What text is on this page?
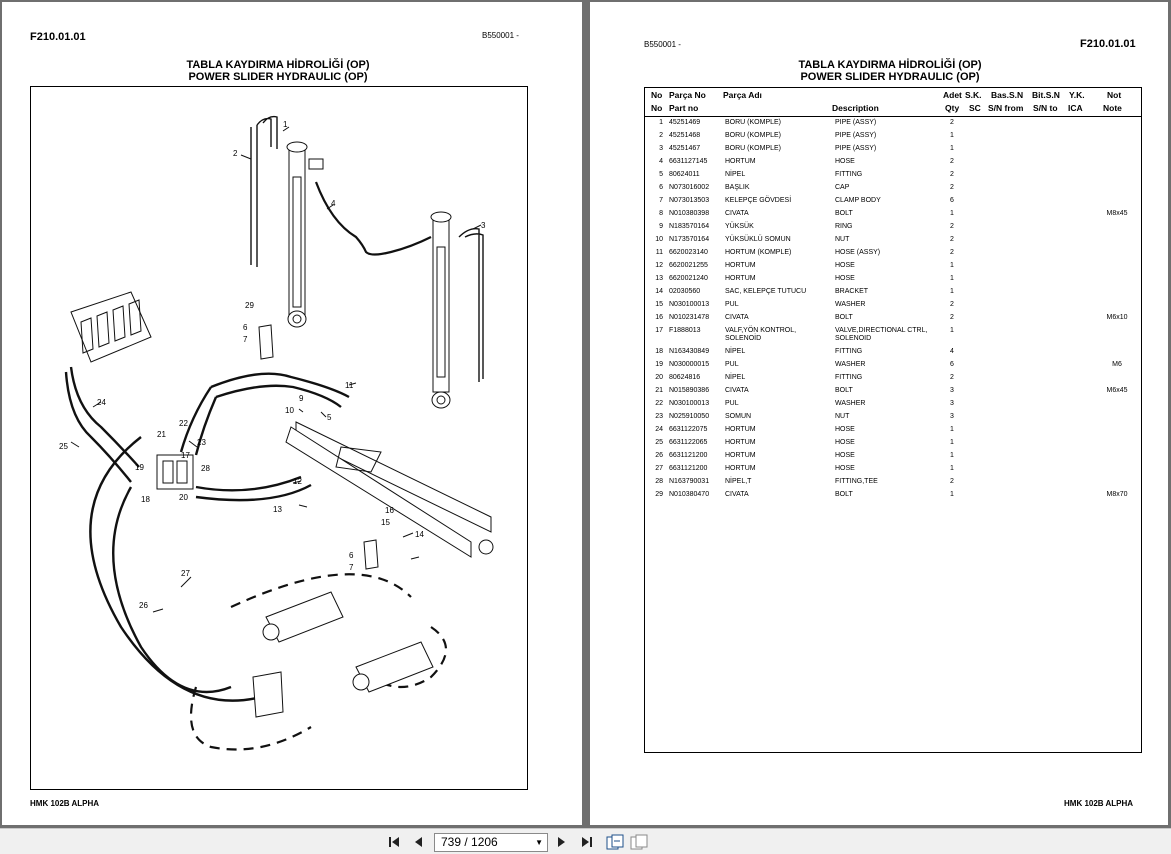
F210.01.01	B550001 -
TABLA KAYDIRMA HİDROLİĞİ (OP)
POWER SLIDER HYDRAULIC (OP)
1
2
3
4
5
6
7
9
10
11
12
13
14
15
16
17
18
19
20
21
22
23
24
25
26
27
28
29
6
7
HMK 102B ALPHA
B550001 -	F210.01.01
TABLA KAYDIRMA HİDROLİĞİ (OP)
POWER SLIDER HYDRAULIC (OP)
No Parça No Parça Adı	Adet S.K. Bas.S.N Bit.S.N Y.K.	Not
No Part no	Description	Qty SC S/N from S/N to ICA Note
1 45251469	BORU (KOMPLE)	PIPE (ASSY)	2
2 45251468	BORU (KOMPLE)	PIPE (ASSY)	1
3 45251467	BORU (KOMPLE)	PIPE (ASSY)	1
4 6631127145	HORTUM	HOSE	2
5 80624011	NİPEL	FITTING	2
6 N073016002 BAŞLIK	CAP	2
7 N073013503 KELEPÇE GÖVDESİ	CLAMP BODY	6
8 N010380398 CIVATA	BOLT	1	M8x45
9 N183570164 YÜKSÜK	RING	2
10 N173570164 YÜKSÜKLÜ SOMUN	NUT	2
11 6620023140 HORTUM (KOMPLE)	HOSE (ASSY)	2
12 6620021255 HORTUM	HOSE	1
13 6620021240 HORTUM	HOSE	1
14 02030560	SAC, KELEPÇE TUTUCU	BRACKET	1
15 N030100013 PUL	WASHER	2
16 N010231478 CIVATA	BOLT	2	M6x10
17 F1888013	VALF,YÖN KONTROL,	VALVE,DIRECTIONAL CTRL,	1
SOLENOİD	SOLENOID
18 N163430849 NİPEL	FITTING	4
19 N030000015 PUL	WASHER	6	M6
20 80624816	NİPEL	FITTING	2
21 N015890386 CIVATA	BOLT	3	M6x45
22 N030100013 PUL	WASHER	3
23 N025910050 SOMUN	NUT	3
24 6631122075	HORTUM	HOSE	1
25 6631122065	HORTUM	HOSE	1
26 6631121200	HORTUM	HOSE	1
27 6631121200	HORTUM	HOSE	1
28 N163790031 NİPEL,T	FITTING,TEE	2
29 N010380470 CIVATA	BOLT	1	M8x70
HMK 102B ALPHA
739 / 1206	▼
